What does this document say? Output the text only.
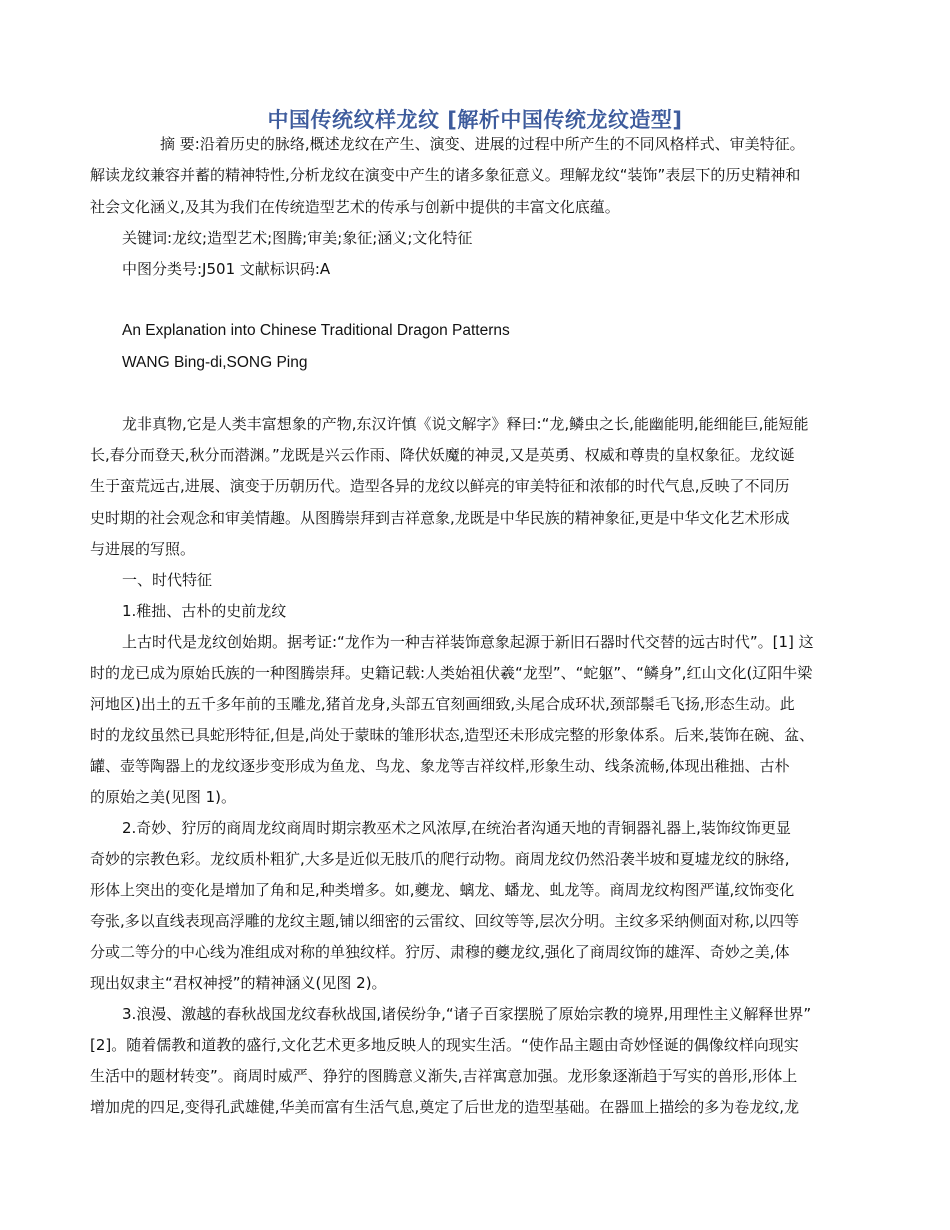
中国传统纹样龙纹 [解析中国传统龙纹造型]
摘 要:沿着历史的脉络,概述龙纹在产生、演变、进展的过程中所产生的不同风格样式、审美特征。
解读龙纹兼容并蓄的精神特性,分析龙纹在演变中产生的诸多象征意义。理解龙纹“装饰”表层下的历史精神和
社会文化涵义,及其为我们在传统造型艺术的传承与创新中提供的丰富文化底蕴。
关键词:龙纹;造型艺术;图腾;审美;象征;涵义;文化特征
中图分类号:J501 文献标识码:A
An Explanation into Chinese Traditional Dragon Patterns
WANG Bing-di,SONG Ping
龙非真物,它是人类丰富想象的产物,东汉许慎《说文解字》释曰:“龙,鳞虫之长,能幽能明,能细能巨,能短能
长,春分而登天,秋分而潜渊。”龙既是兴云作雨、降伏妖魔的神灵,又是英勇、权威和尊贵的皇权象征。龙纹诞
生于蛮荒远古,进展、演变于历朝历代。造型各异的龙纹以鲜亮的审美特征和浓郁的时代气息,反映了不同历
史时期的社会观念和审美情趣。从图腾崇拜到吉祥意象,龙既是中华民族的精神象征,更是中华文化艺术形成
与进展的写照。
一、时代特征
1.稚拙、古朴的史前龙纹
上古时代是龙纹创始期。据考证:“龙作为一种吉祥装饰意象起源于新旧石器时代交替的远古时代”。[1] 这
时的龙已成为原始氏族的一种图腾崇拜。史籍记载:人类始祖伏羲“龙型”、“蛇躯”、“鳞身”,红山文化(辽阳牛梁
河地区)出土的五千多年前的玉雕龙,猪首龙身,头部五官刻画细致,头尾合成环状,颈部鬃毛飞扬,形态生动。此
时的龙纹虽然已具蛇形特征,但是,尚处于蒙昧的雏形状态,造型还未形成完整的形象体系。后来,装饰在碗、盆、
罐、壶等陶器上的龙纹逐步变形成为鱼龙、鸟龙、象龙等吉祥纹样,形象生动、线条流畅,体现出稚拙、古朴
的原始之美(见图 1)。
2.奇妙、狞厉的商周龙纹商周时期宗教巫术之风浓厚,在统治者沟通天地的青铜器礼器上,装饰纹饰更显
奇妙的宗教色彩。龙纹质朴粗犷,大多是近似无肢爪的爬行动物。商周龙纹仍然沿袭半坡和夏墟龙纹的脉络,
形体上突出的变化是增加了角和足,种类增多。如,夔龙、螭龙、蟠龙、虬龙等。商周龙纹构图严谨,纹饰变化
夸张,多以直线表现高浮雕的龙纹主题,铺以细密的云雷纹、回纹等等,层次分明。主纹多采纳侧面对称,以四等
分或二等分的中心线为准组成对称的单独纹样。狞厉、肃穆的夔龙纹,强化了商周纹饰的雄浑、奇妙之美,体
现出奴隶主“君权神授”的精神涵义(见图 2)。
3.浪漫、激越的春秋战国龙纹春秋战国,诸侯纷争,“诸子百家摆脱了原始宗教的境界,用理性主义解释世界”
[2]。随着儒教和道教的盛行,文化艺术更多地反映人的现实生活。“使作品主题由奇妙怪诞的偶像纹样向现实
生活中的题材转变”。商周时威严、狰狞的图腾意义渐失,吉祥寓意加强。龙形象逐渐趋于写实的兽形,形体上
增加虎的四足,变得孔武雄健,华美而富有生活气息,奠定了后世龙的造型基础。在器皿上描绘的多为卷龙纹,龙
